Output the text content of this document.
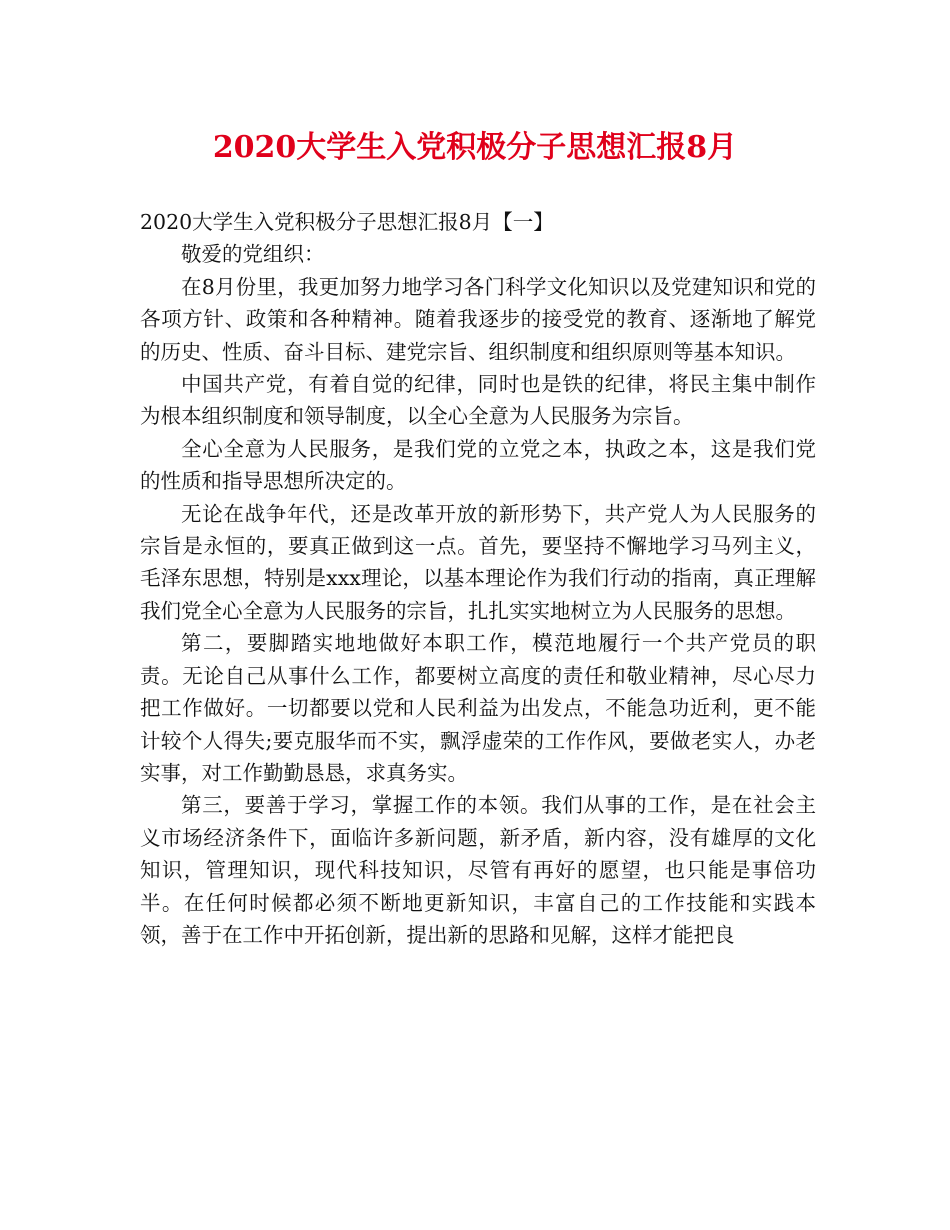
2020大学生入党积极分子思想汇报8月

2020大学生入党积极分子思想汇报8月【一】

敬爱的党组织：

在8月份里，我更加努力地学习各门科学文化知识以及党建知识和党的各项方针、政策和各种精神。随着我逐步的接受党的教育、逐渐地了解党的历史、性质、奋斗目标、建党宗旨、组织制度和组织原则等基本知识。

中国共产党，有着自觉的纪律，同时也是铁的纪律，将民主集中制作为根本组织制度和领导制度，以全心全意为人民服务为宗旨。

全心全意为人民服务，是我们党的立党之本，执政之本，这是我们党的性质和指导思想所决定的。

无论在战争年代，还是改革开放的新形势下，共产党人为人民服务的宗旨是永恒的，要真正做到这一点。首先，要坚持不懈地学习马列主义，毛泽东思想，特别是xxx理论，以基本理论作为我们行动的指南，真正理解我们党全心全意为人民服务的宗旨，扎扎实实地树立为人民服务的思想。

第二，要脚踏实地地做好本职工作，模范地履行一个共产党员的职责。无论自己从事什么工作，都要树立高度的责任和敬业精神，尽心尽力把工作做好。一切都要以党和人民利益为出发点，不能急功近利，更不能计较个人得失;要克服华而不实，飘浮虚荣的工作作风，要做老实人，办老实事，对工作勤勤恳恳，求真务实。

第三，要善于学习，掌握工作的本领。我们从事的工作，是在社会主义市场经济条件下，面临许多新问题，新矛盾，新内容，没有雄厚的文化知识，管理知识，现代科技知识，尽管有再好的愿望，也只能是事倍功半。在任何时候都必须不断地更新知识，丰富自己的工作技能和实践本领，善于在工作中开拓创新，提出新的思路和见解，这样才能把良
